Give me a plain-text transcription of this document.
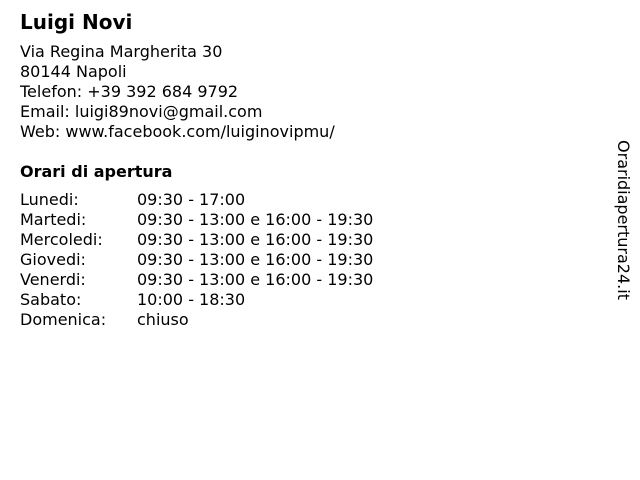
Luigi Novi
Via Regina Margherita 30
80144 Napoli
Telefon: +39 392 684 9792
Email: luigi89novi@gmail.com
Web: www.facebook.com/luiginovipmu/
Orari di apertura
Lunedi:	09:30 - 17:00
Martedi:	09:30 - 13:00 e 16:00 - 19:30
Mercoledi:	09:30 - 13:00 e 16:00 - 19:30
Giovedi:	09:30 - 13:00 e 16:00 - 19:30
Venerdi:	09:30 - 13:00 e 16:00 - 19:30
Sabato:	10:00 - 18:30
Domenica:	chiuso
Oraridiapertura24.it
